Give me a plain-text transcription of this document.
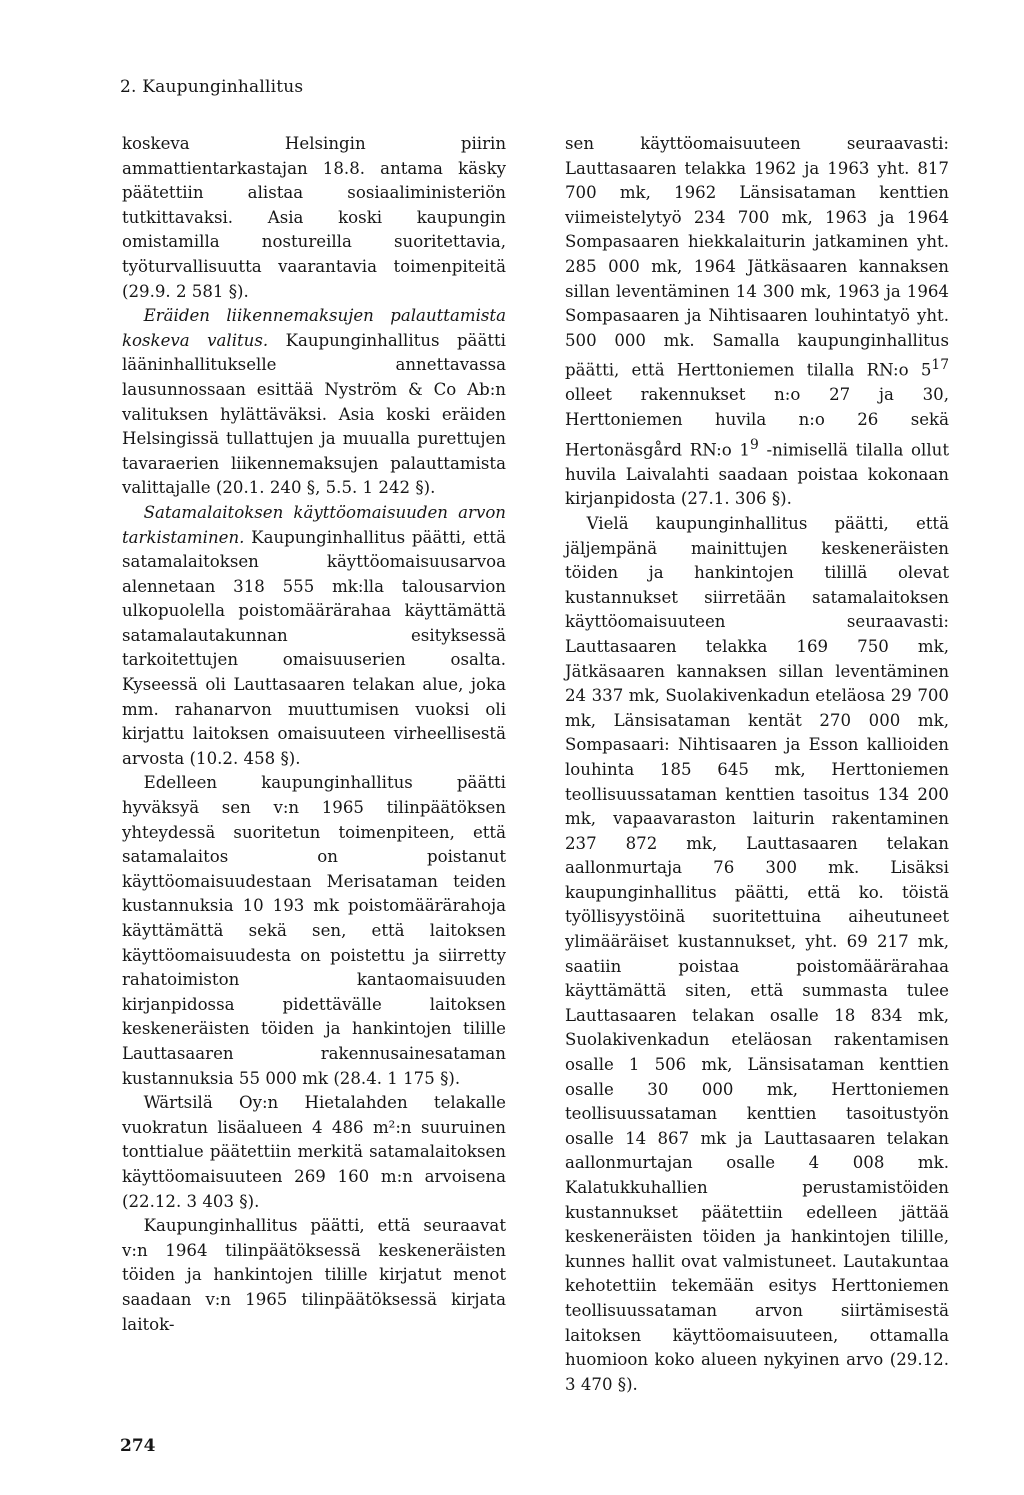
2. Kaupunginhallitus

koskeva Helsingin piirin ammattientarkastajan 18.8. antama käsky päätettiin alistaa sosiaaliministeriön tutkittavaksi. Asia koski kaupungin omistamilla nostureilla suoritettavia, työturvallisuutta vaarantavia toimenpiteitä (29.9. 2 581 §).

Eräiden liikennemaksujen palauttamista koskeva valitus. Kaupunginhallitus päätti lääninhallitukselle annettavassa lausunnossaan esittää Nyström & Co Ab:n valituksen hylättäväksi. Asia koski eräiden Helsingissä tullattujen ja muualla purettujen tavaraerien liikennemaksujen palauttamista valittajalle (20.1. 240 §, 5.5. 1 242 §).

Satamalaitoksen käyttöomaisuuden arvon tarkistaminen. Kaupunginhallitus päätti, että satamalaitoksen käyttöomaisuusarvoa alennetaan 318 555 mk:lla talousarvion ulkopuolella poistomäärärahaa käyttämättä satamalautakunnan esityksessä tarkoitettujen omaisuuserien osalta. Kyseessä oli Lauttasaaren telakan alue, joka mm. rahanarvon muuttumisen vuoksi oli kirjattu laitoksen omaisuuteen virheellisestä arvosta (10.2. 458 §).

Edelleen kaupunginhallitus päätti hyväksyä sen v:n 1965 tilinpäätöksen yhteydessä suoritetun toimenpiteen, että satamalaitos on poistanut käyttöomaisuudestaan Merisataman teiden kustannuksia 10 193 mk poistomäärärahoja käyttämättä sekä sen, että laitoksen käyttöomaisuudesta on poistettu ja siirretty rahatoimiston kantaomaisuuden kirjanpidossa pidettävälle laitoksen keskeneräisten töiden ja hankintojen tilille Lauttasaaren rakennusainesataman kustannuksia 55 000 mk (28.4. 1 175 §).

Wärtsilä Oy:n Hietalahden telakalle vuokratun lisäalueen 4 486 m²:n suuruinen tonttialue päätettiin merkitä satamalaitoksen käyttöomaisuuteen 269 160 m:n arvoisena (22.12. 3 403 §).

Kaupunginhallitus päätti, että seuraavat v:n 1964 tilinpäätöksessä keskeneräisten töiden ja hankintojen tilille kirjatut menot saadaan v:n 1965 tilinpäätöksessä kirjata laitok-

sen käyttöomaisuuteen seuraavasti: Lauttasaaren telakka 1962 ja 1963 yht. 817 700 mk, 1962 Länsisataman kenttien viimeistelytyö 234 700 mk, 1963 ja 1964 Sompasaaren hiekkalaiturin jatkaminen yht. 285 000 mk, 1964 Jätkäsaaren kannaksen sillan leventäminen 14 300 mk, 1963 ja 1964 Sompasaaren ja Nihtisaaren louhintatyö yht. 500 000 mk. Samalla kaupunginhallitus päätti, että Herttoniemen tilalla RN:o $5^{17}$ olleet rakennukset n:o 27 ja 30, Herttoniemen huvila n:o 26 sekä Hertonäsgård RN:o $1^9$ -nimisellä tilalla ollut huvila Laivalahti saadaan poistaa kokonaan kirjanpidosta (27.1. 306 §).

Vielä kaupunginhallitus päätti, että jäljempänä mainittujen keskeneräisten töiden ja hankintojen tilillä olevat kustannukset siirretään satamalaitoksen käyttöomaisuuteen seuraavasti: Lauttasaaren telakka 169 750 mk, Jätkäsaaren kannaksen sillan leventäminen 24 337 mk, Suolakivenkadun eteläosa 29 700 mk, Länsisataman kentät 270 000 mk, Sompasaari: Nihtisaaren ja Esson kallioiden louhinta 185 645 mk, Herttoniemen teollisuussataman kenttien tasoitus 134 200 mk, vapaavaraston laiturin rakentaminen 237 872 mk, Lauttasaaren telakan aallonmurtaja 76 300 mk. Lisäksi kaupunginhallitus päätti, että ko. töistä työllisyystöinä suoritettuina aiheutuneet ylimääräiset kustannukset, yht. 69 217 mk, saatiin poistaa poistomäärärahaa käyttämättä siten, että summasta tulee Lauttasaaren telakan osalle 18 834 mk, Suolakivenkadun eteläosan rakentamisen osalle 1 506 mk, Länsisataman kenttien osalle 30 000 mk, Herttoniemen teollisuussataman kenttien tasoitustyön osalle 14 867 mk ja Lauttasaaren telakan aallonmurtajan osalle 4 008 mk. Kalatukkuhallien perustamistöiden kustannukset päätettiin edelleen jättää keskeneräisten töiden ja hankintojen tilille, kunnes hallit ovat valmistuneet. Lautakuntaa kehotettiin tekemään esitys Herttoniemen teollisuussataman arvon siirtämisestä laitoksen käyttöomaisuuteen, ottamalla huomioon koko alueen nykyinen arvo (29.12. 3 470 §).

274
